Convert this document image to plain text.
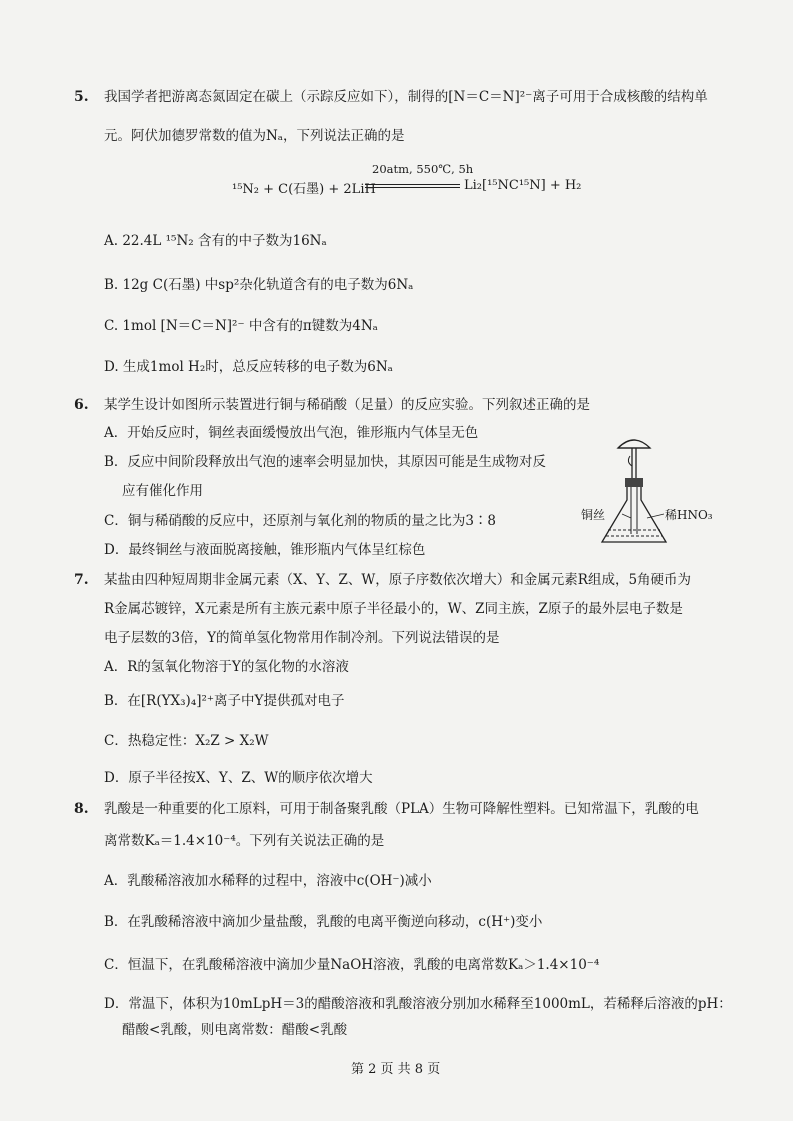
5. 我国学者把游离态氮固定在碳上（示踪反应如下），制得的[N＝C＝N]²⁻离子可用于合成核酸的结构单
元。阿伏加德罗常数的值为Nₐ，下列说法正确的是
¹⁵N₂ + C(石墨) + 2LiH
20atm, 550℃, 5h
Li₂[¹⁵NC¹⁵N] + H₂
A. 22.4L ¹⁵N₂ 含有的中子数为16Nₐ
B. 12g C(石墨) 中sp²杂化轨道含有的电子数为6Nₐ
C. 1mol [N＝C＝N]²⁻ 中含有的π键数为4Nₐ
D. 生成1mol H₂时，总反应转移的电子数为6Nₐ
6. 某学生设计如图所示装置进行铜与稀硝酸（足量）的反应实验。下列叙述正确的是
A．开始反应时，铜丝表面缓慢放出气泡，锥形瓶内气体呈无色
B．反应中间阶段释放出气泡的速率会明显加快，其原因可能是生成物对反
应有催化作用
C．铜与稀硝酸的反应中，还原剂与氧化剂的物质的量之比为3∶8
D．最终铜丝与液面脱离接触，锥形瓶内气体呈红棕色
铜丝	稀HNO₃
7. 某盐由四种短周期非金属元素（X、Y、Z、W，原子序数依次增大）和金属元素R组成，5角硬币为
R金属芯镀锌，X元素是所有主族元素中原子半径最小的，W、Z同主族，Z原子的最外层电子数是
电子层数的3倍，Y的简单氢化物常用作制冷剂。下列说法错误的是
A．R的氢氧化物溶于Y的氢化物的水溶液
B．在[R(YX₃)₄]²⁺离子中Y提供孤对电子
C．热稳定性：X₂Z > X₂W
D．原子半径按X、Y、Z、W的顺序依次增大
8. 乳酸是一种重要的化工原料，可用于制备聚乳酸（PLA）生物可降解性塑料。已知常温下，乳酸的电
离常数Kₐ＝1.4×10⁻⁴。下列有关说法正确的是
A．乳酸稀溶液加水稀释的过程中，溶液中c(OH⁻)减小
B．在乳酸稀溶液中滴加少量盐酸，乳酸的电离平衡逆向移动，c(H⁺)变小
C．恒温下，在乳酸稀溶液中滴加少量NaOH溶液，乳酸的电离常数Kₐ＞1.4×10⁻⁴
D．常温下，体积为10mLpH＝3的醋酸溶液和乳酸溶液分别加水稀释至1000mL，若稀释后溶液的pH：
醋酸<乳酸，则电离常数：醋酸<乳酸
第 2 页 共 8 页
